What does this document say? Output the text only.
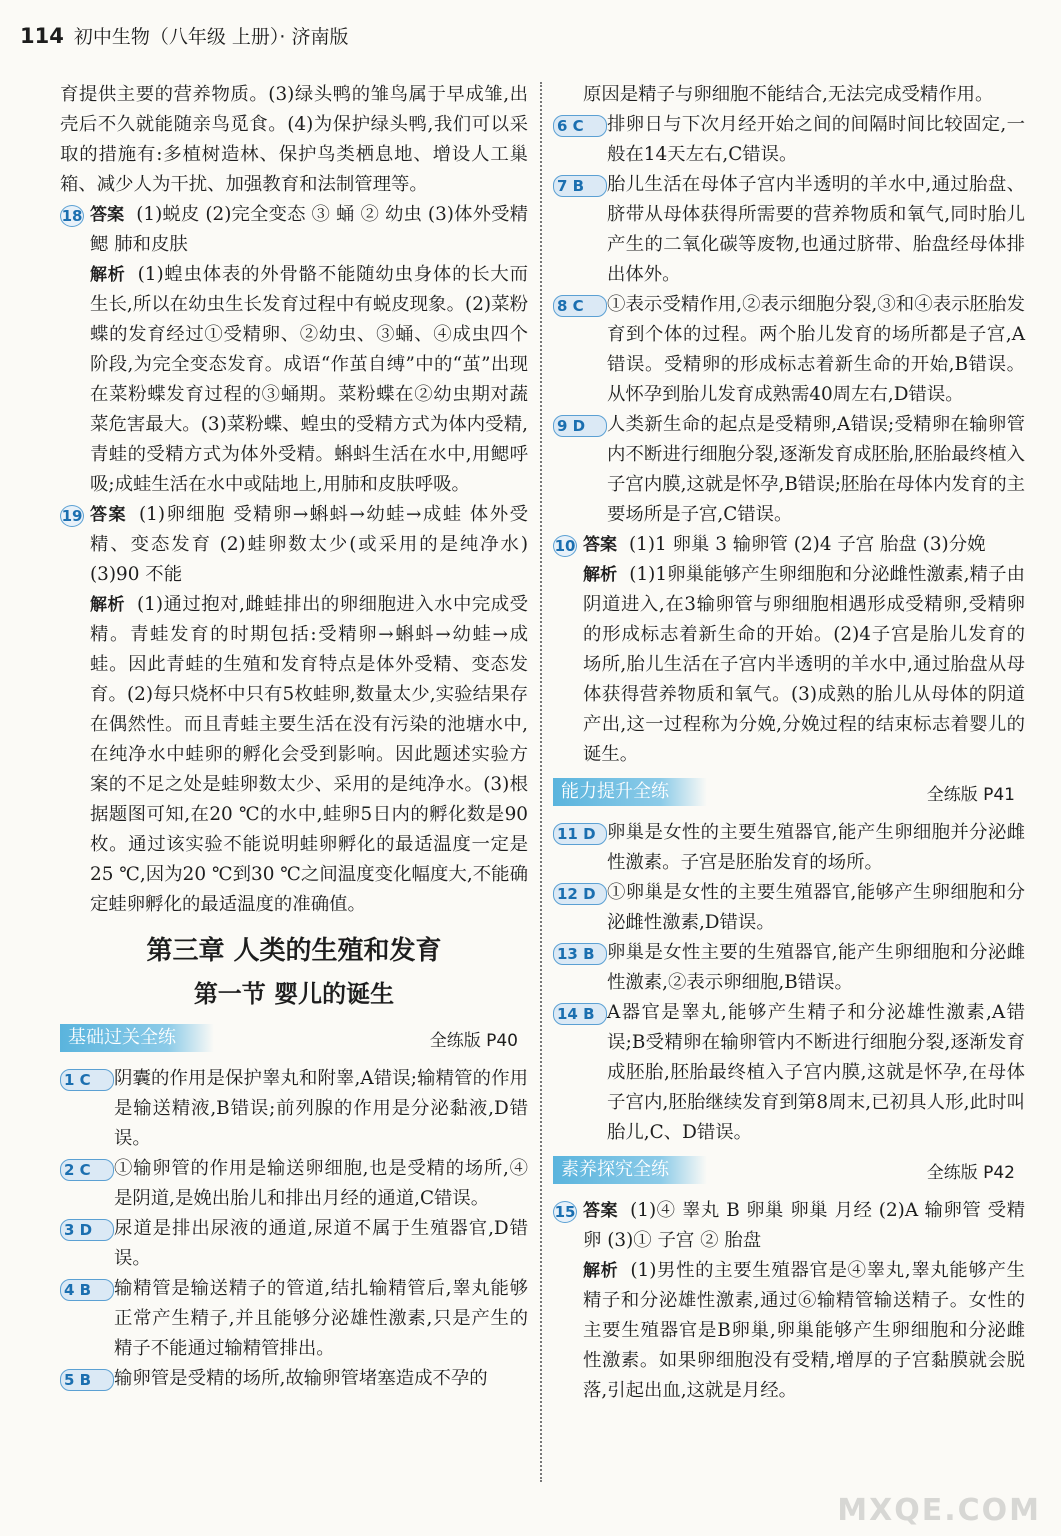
114 初中生物（八年级 上册）· 济南版

育提供主要的营养物质。(3)绿头鸭的雏鸟属于早成雏,出壳后不久就能随亲鸟觅食。(4)为保护绿头鸭,我们可以采取的措施有:多植树造林、保护鸟类栖息地、增设人工巢箱、减少人为干扰、加强教育和法制管理等。

18 答案 (1)蜕皮 (2)完全变态 ③ 蛹 ② 幼虫 (3)体外受精 鳃 肺和皮肤
解析 (1)蝗虫体表的外骨骼不能随幼虫身体的长大而生长,所以在幼虫生长发育过程中有蜕皮现象。(2)菜粉蝶的发育经过①受精卵、②幼虫、③蛹、④成虫四个阶段,为完全变态发育。成语“作茧自缚”中的“茧”出现在菜粉蝶发育过程的③蛹期。菜粉蝶在②幼虫期对蔬菜危害最大。(3)菜粉蝶、蝗虫的受精方式为体内受精,青蛙的受精方式为体外受精。蝌蚪生活在水中,用鳃呼吸;成蛙生活在水中或陆地上,用肺和皮肤呼吸。
19 答案 (1)卵细胞 受精卵→蝌蚪→幼蛙→成蛙 体外受精、变态发育 (2)蛙卵数太少(或采用的是纯净水) (3)90 不能
解析 (1)通过抱对,雌蛙排出的卵细胞进入水中完成受精。青蛙发育的时期包括:受精卵→蝌蚪→幼蛙→成蛙。因此青蛙的生殖和发育特点是体外受精、变态发育。(2)每只烧杯中只有5枚蛙卵,数量太少,实验结果存在偶然性。而且青蛙主要生活在没有污染的池塘水中,在纯净水中蛙卵的孵化会受到影响。因此题述实验方案的不足之处是蛙卵数太少、采用的是纯净水。(3)根据题图可知,在20 ℃的水中,蛙卵5日内的孵化数是90枚。通过该实验不能说明蛙卵孵化的最适温度一定是25 ℃,因为20 ℃到30 ℃之间温度变化幅度大,不能确定蛙卵孵化的最适温度的准确值。
第三章 人类的生殖和发育
第一节 婴儿的诞生
基础过关全练	全练版 P40
1 C	阴囊的作用是保护睾丸和附睾,A错误;输精管的作用是输送精液,B错误;前列腺的作用是分泌黏液,D错误。
2 C	①输卵管的作用是输送卵细胞,也是受精的场所,④是阴道,是娩出胎儿和排出月经的通道,C错误。
3 D	尿道是排出尿液的通道,尿道不属于生殖器官,D错误。
4 B	输精管是输送精子的管道,结扎输精管后,睾丸能够正常产生精子,并且能够分泌雄性激素,只是产生的精子不能通过输精管排出。
5 B	输卵管是受精的场所,故输卵管堵塞造成不孕的

原因是精子与卵细胞不能结合,无法完成受精作用。

6 C	排卵日与下次月经开始之间的间隔时间比较固定,一般在14天左右,C错误。
7 B	胎儿生活在母体子宫内半透明的羊水中,通过胎盘、脐带从母体获得所需要的营养物质和氧气,同时胎儿产生的二氧化碳等废物,也通过脐带、胎盘经母体排出体外。
8 C	①表示受精作用,②表示细胞分裂,③和④表示胚胎发育到个体的过程。两个胎儿发育的场所都是子宫,A错误。受精卵的形成标志着新生命的开始,B错误。从怀孕到胎儿发育成熟需40周左右,D错误。
9 D	人类新生命的起点是受精卵,A错误;受精卵在输卵管内不断进行细胞分裂,逐渐发育成胚胎,胚胎最终植入子宫内膜,这就是怀孕,B错误;胚胎在母体内发育的主要场所是子宫,C错误。
10 答案 (1)1 卵巢 3 输卵管 (2)4 子宫 胎盘 (3)分娩
解析 (1)1卵巢能够产生卵细胞和分泌雌性激素,精子由阴道进入,在3输卵管与卵细胞相遇形成受精卵,受精卵的形成标志着新生命的开始。(2)4子宫是胎儿发育的场所,胎儿生活在子宫内半透明的羊水中,通过胎盘从母体获得营养物质和氧气。(3)成熟的胎儿从母体的阴道产出,这一过程称为分娩,分娩过程的结束标志着婴儿的诞生。
能力提升全练	全练版 P41
11 D 卵巢是女性的主要生殖器官,能产生卵细胞并分泌雌性激素。子宫是胚胎发育的场所。
12 D ①卵巢是女性的主要生殖器官,能够产生卵细胞和分泌雌性激素,D错误。
13 B 卵巢是女性主要的生殖器官,能产生卵细胞和分泌雌性激素,②表示卵细胞,B错误。
14 B A器官是睾丸,能够产生精子和分泌雄性激素,A错误;B受精卵在输卵管内不断进行细胞分裂,逐渐发育成胚胎,胚胎最终植入子宫内膜,这就是怀孕,在母体子宫内,胚胎继续发育到第8周末,已初具人形,此时叫胎儿,C、D错误。
素养探究全练	全练版 P42
15 答案 (1)④ 睾丸 B 卵巢 卵巢 月经 (2)A 输卵管 受精卵 (3)① 子宫 ② 胎盘
解析 (1)男性的主要生殖器官是④睾丸,睾丸能够产生精子和分泌雄性激素,通过⑥输精管输送精子。女性的主要生殖器官是B卵巢,卵巢能够产生卵细胞和分泌雌性激素。如果卵细胞没有受精,增厚的子宫黏膜就会脱落,引起出血,这就是月经。
MXQE.COM
